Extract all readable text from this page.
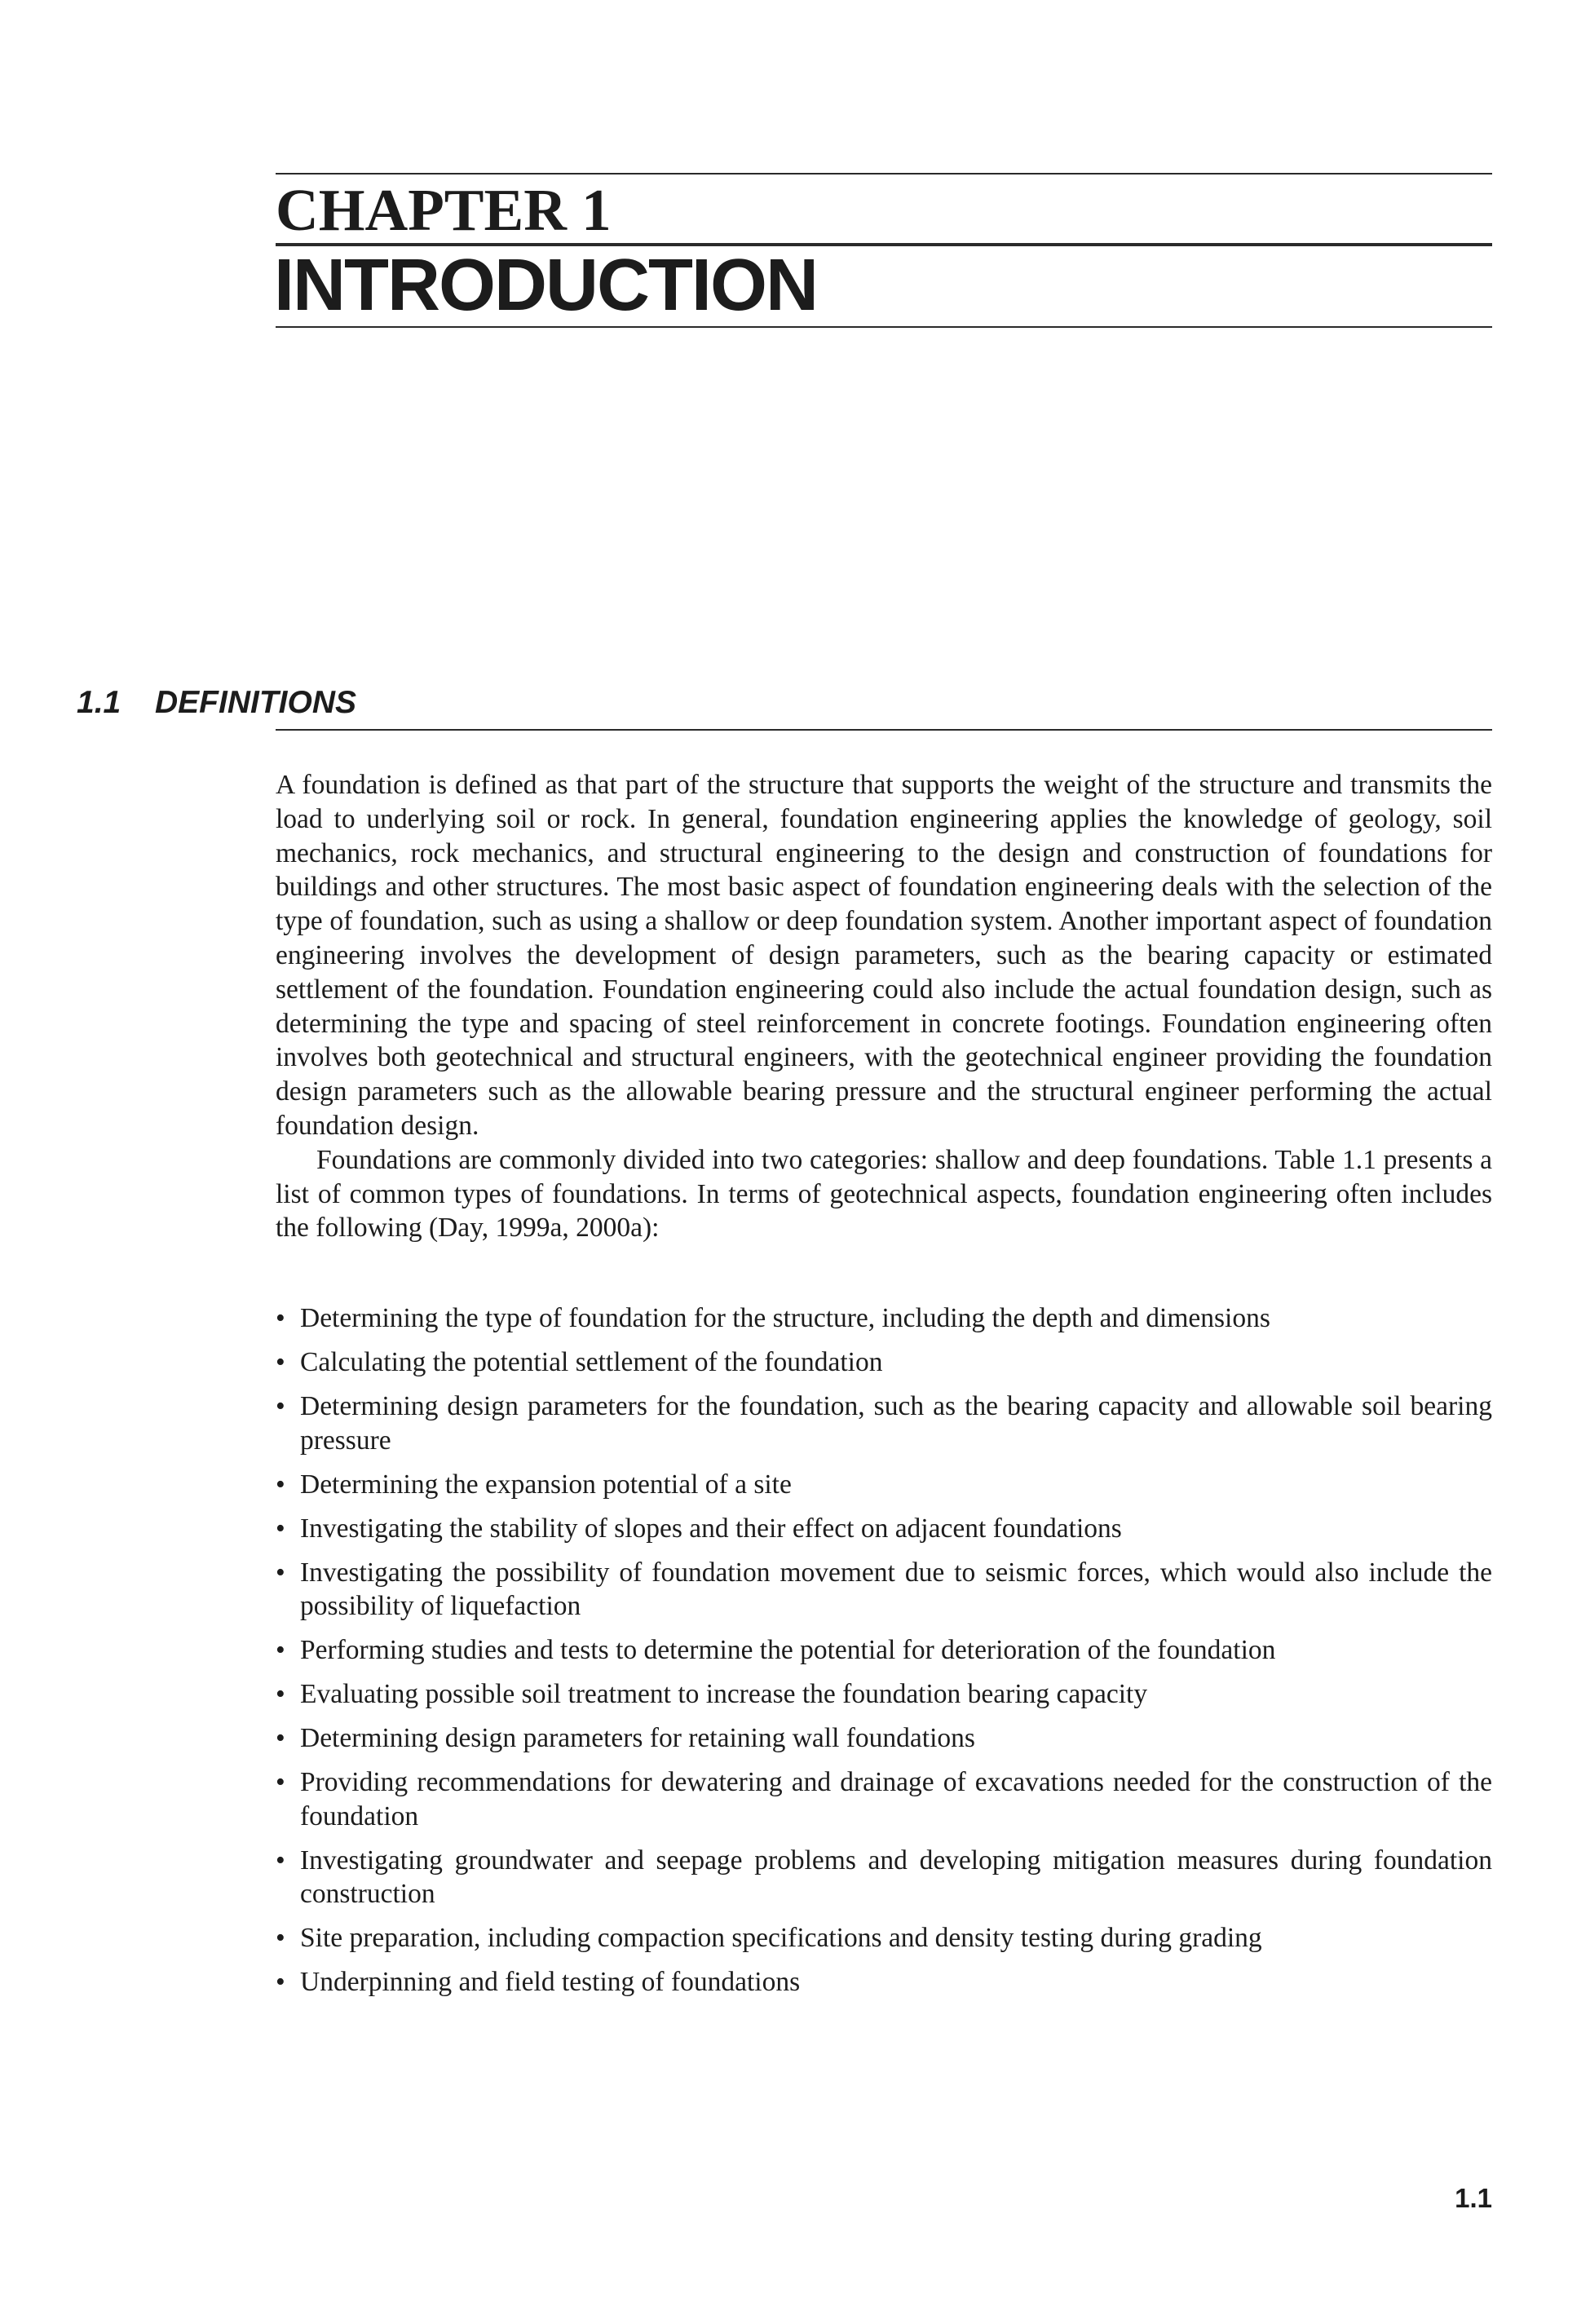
CHAPTER 1
INTRODUCTION
1.1 DEFINITIONS

A foundation is defined as that part of the structure that supports the weight of the structure and transmits the load to underlying soil or rock. In general, foundation engineering applies the knowledge of geology, soil mechanics, rock mechanics, and structural engineering to the design and construction of foundations for buildings and other structures. The most basic aspect of foundation engineering deals with the selection of the type of foundation, such as using a shallow or deep foundation system. Another important aspect of foundation engineering involves the development of design parameters, such as the bearing capacity or estimated settlement of the foundation. Foundation engineering could also include the actual foundation design, such as determining the type and spacing of steel reinforcement in concrete footings. Foundation engineering often involves both geotechnical and structural engineers, with the geotechnical engineer providing the foundation design parameters such as the allowable bearing pressure and the structural engineer performing the actual foundation design.

Foundations are commonly divided into two categories: shallow and deep foundations. Table 1.1 presents a list of common types of foundations. In terms of geotechnical aspects, foundation engineering often includes the following (Day, 1999a, 2000a):

• Determining the type of foundation for the structure, including the depth and dimensions
• Calculating the potential settlement of the foundation
• Determining design parameters for the foundation, such as the bearing capacity and allowable soil bearing pressure
• Determining the expansion potential of a site
• Investigating the stability of slopes and their effect on adjacent foundations
• Investigating the possibility of foundation movement due to seismic forces, which would also include the possibility of liquefaction
• Performing studies and tests to determine the potential for deterioration of the foundation
• Evaluating possible soil treatment to increase the foundation bearing capacity
• Determining design parameters for retaining wall foundations
• Providing recommendations for dewatering and drainage of excavations needed for the construction of the foundation
• Investigating groundwater and seepage problems and developing mitigation measures during foundation construction
• Site preparation, including compaction specifications and density testing during grading
• Underpinning and field testing of foundations
1.1
